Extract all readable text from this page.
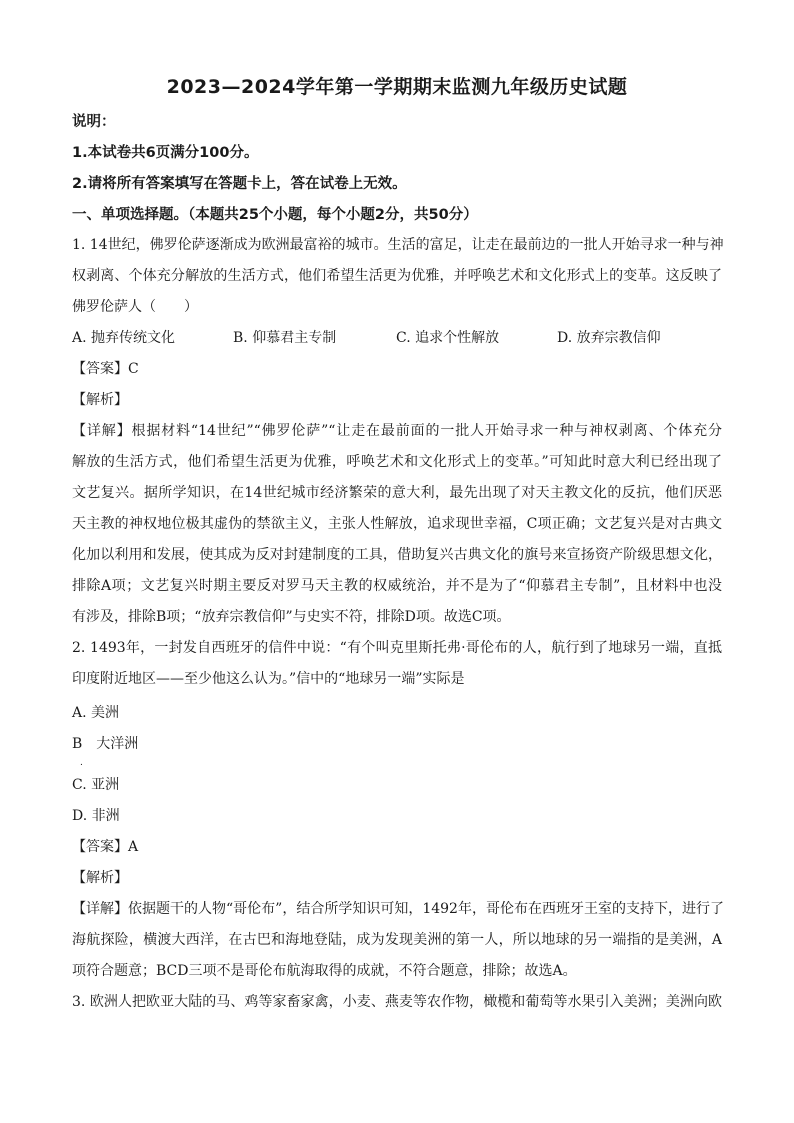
2023—2024学年第一学期期末监测九年级历史试题
说明：
1.本试卷共6页满分100分。
2.请将所有答案填写在答题卡上，答在试卷上无效。
一、单项选择题。（本题共25个小题，每个小题2分，共50分）
1. 14世纪，佛罗伦萨逐渐成为欧洲最富裕的城市。生活的富足，让走在最前边的一批人开始寻求一种与神
权剥离、个体充分解放的生活方式，他们希望生活更为优雅，并呼唤艺术和文化形式上的变革。这反映了
佛罗伦萨人（　　）
A. 抛弃传统文化	B. 仰慕君主专制	C. 追求个性解放	D. 放弃宗教信仰
【答案】C
【解析】
【详解】根据材料“14世纪”“佛罗伦萨”“让走在最前面的一批人开始寻求一种与神权剥离、个体充分
解放的生活方式，他们希望生活更为优雅，呼唤艺术和文化形式上的变革。”可知此时意大利已经出现了
文艺复兴。据所学知识，在14世纪城市经济繁荣的意大利，最先出现了对天主教文化的反抗，他们厌恶
天主教的神权地位极其虚伪的禁欲主义，主张人性解放，追求现世幸福，C项正确；文艺复兴是对古典文
化加以利用和发展，使其成为反对封建制度的工具，借助复兴古典文化的旗号来宣扬资产阶级思想文化，
排除A项；文艺复兴时期主要反对罗马天主教的权威统治，并不是为了“仰慕君主专制”，且材料中也没
有涉及，排除B项；“放弃宗教信仰”与史实不符，排除D项。故选C项。
2. 1493年，一封发自西班牙的信件中说：“有个叫克里斯托弗·哥伦布的人，航行到了地球另一端，直抵
印度附近地区——至少他这么认为。”信中的“地球另一端”实际是
A. 美洲
B　大洋洲
.
C. 亚洲
D. 非洲
【答案】A
【解析】
【详解】依据题干的人物“哥伦布”，结合所学知识可知，1492年，哥伦布在西班牙王室的支持下，进行了
海航探险，横渡大西洋，在古巴和海地登陆，成为发现美洲的第一人，所以地球的另一端指的是美洲，A
项符合题意；BCD三项不是哥伦布航海取得的成就，不符合题意，排除；故选A。
3. 欧洲人把欧亚大陆的马、鸡等家畜家禽，小麦、燕麦等农作物，橄榄和葡萄等水果引入美洲；美洲向欧
